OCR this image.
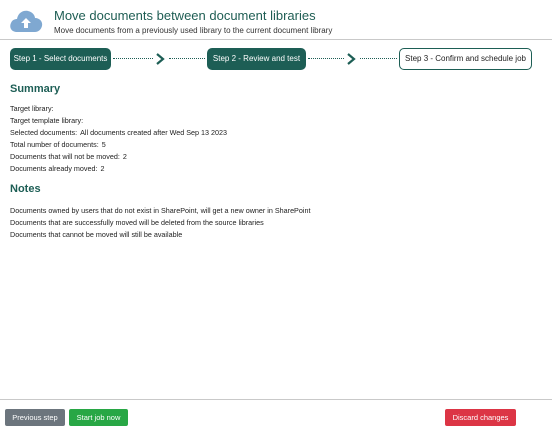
Move documents between document libraries
Move documents from a previously used library to the current document library
Step 1 - Select documents	Step 2 - Review and test	Step 3 - Confirm and schedule job
Summary
Target library:
Target template library:
Selected documents: All documents created after Wed Sep 13 2023
Total number of documents: 5
Documents that will not be moved: 2
Documents already moved: 2
Notes
Documents owned by users that do not exist in SharePoint, will get a new owner in SharePoint
Documents that are successfully moved will be deleted from the source libraries
Documents that cannot be moved will still be available
Previous step	Start job now	Discard changes
